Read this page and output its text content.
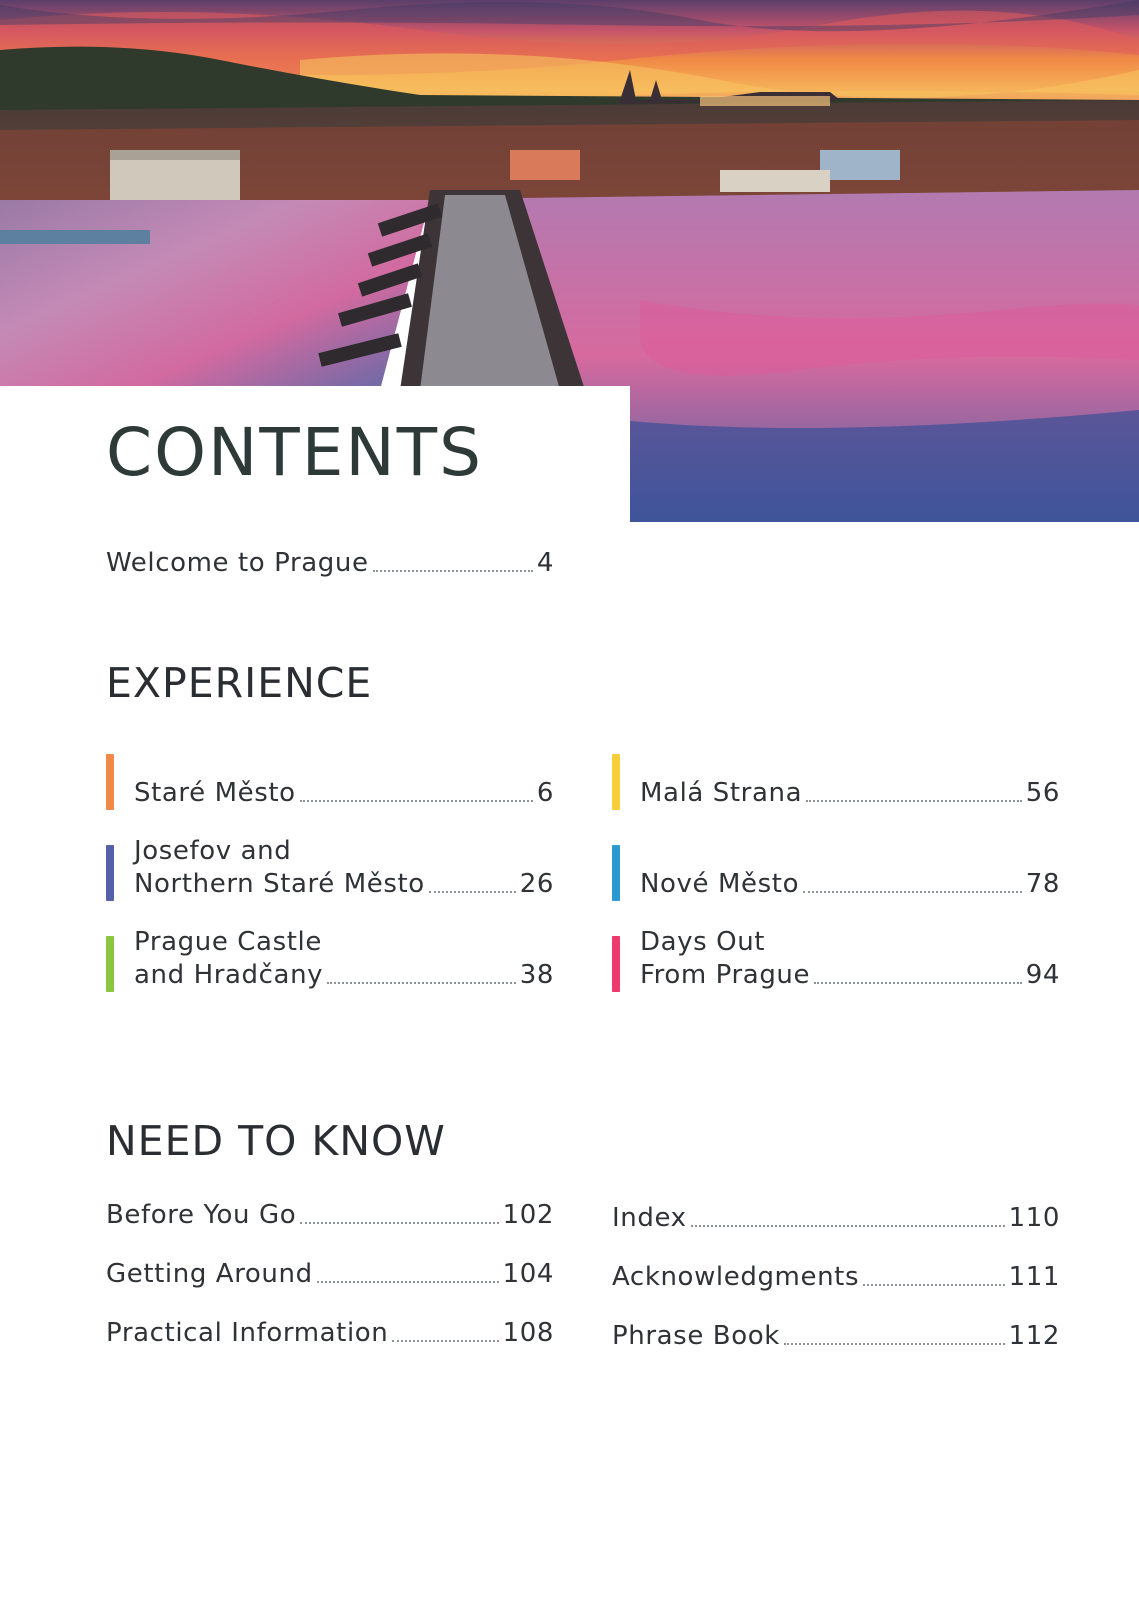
CONTENTS
Welcome to Prague	4
EXPERIENCE
Staré Město	6	Malá Strana	56
Josefov and
Northern Staré Město	26	Nové Město	78
Prague Castle
and Hradčany	38
Days Out
From Prague	94
NEED TO KNOW
Before You Go	102 Index	110
Getting Around	104 Acknowledgments	111
Practical Information	108 Phrase Book	112
